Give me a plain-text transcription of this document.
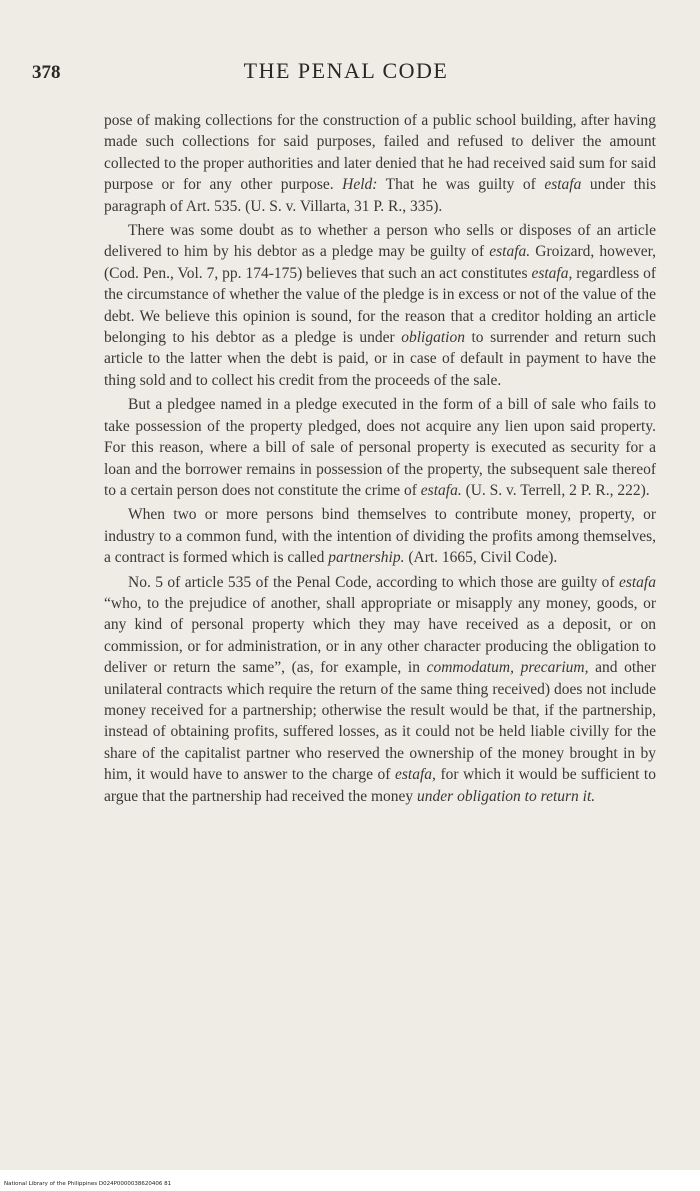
378	THE PENAL CODE

pose of making collections for the construction of a public school building, after having made such collections for said purposes, failed and refused to deliver the amount collected to the proper authorities and later denied that he had received said sum for said purpose or for any other purpose. Held: That he was guilty of estafa under this paragraph of Art. 535. (U. S. v. Villarta, 31 P. R., 335).

There was some doubt as to whether a person who sells or disposes of an article delivered to him by his debtor as a pledge may be guilty of estafa. Groizard, however, (Cod. Pen., Vol. 7, pp. 174-175) believes that such an act constitutes estafa, regardless of the circumstance of whether the value of the pledge is in excess or not of the value of the debt. We believe this opinion is sound, for the reason that a creditor holding an article belonging to his debtor as a pledge is under obligation to surrender and return such article to the latter when the debt is paid, or in case of default in payment to have the thing sold and to collect his credit from the proceeds of the sale.

But a pledgee named in a pledge executed in the form of a bill of sale who fails to take possession of the property pledged, does not acquire any lien upon said property. For this reason, where a bill of sale of personal property is executed as security for a loan and the borrower remains in possession of the property, the subsequent sale thereof to a certain person does not constitute the crime of estafa. (U. S. v. Terrell, 2 P. R., 222).

When two or more persons bind themselves to contribute money, property, or industry to a common fund, with the intention of dividing the profits among themselves, a contract is formed which is called partnership. (Art. 1665, Civil Code).

No. 5 of article 535 of the Penal Code, according to which those are guilty of estafa “who, to the prejudice of another, shall appropriate or misapply any money, goods, or any kind of personal property which they may have received as a deposit, or on commission, or for administration, or in any other character producing the obligation to deliver or return the same”, (as, for example, in commodatum, precarium, and other unilateral contracts which require the return of the same thing received) does not include money received for a partnership; otherwise the result would be that, if the partnership, instead of obtaining profits, suffered losses, as it could not be held liable civilly for the share of the capitalist partner who reserved the ownership of the money brought in by him, it would have to answer to the charge of estafa, for which it would be sufficient to argue that the partnership had received the money under obligation to return it.

National Library of the Philippines D024P0000038620406 81
